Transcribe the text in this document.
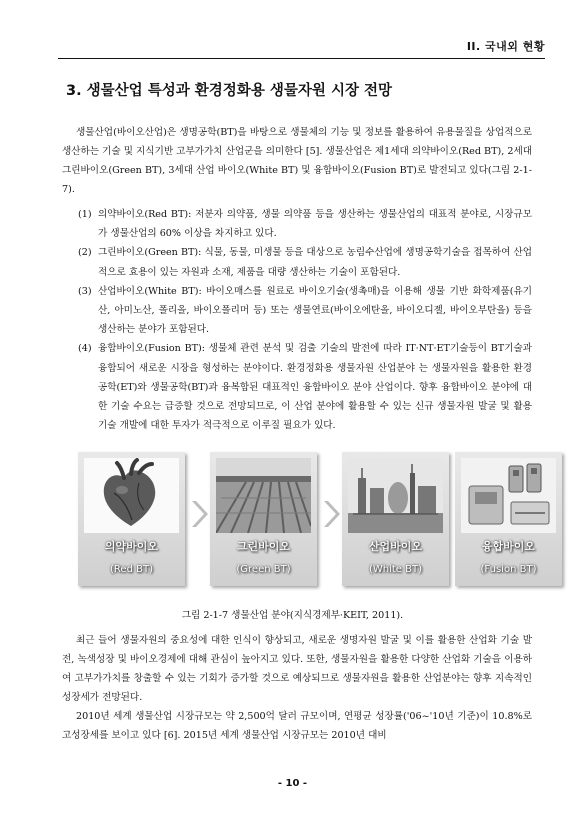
II. 국내외 현황
3. 생물산업 특성과 환경정화용 생물자원 시장 전망

생물산업(바이오산업)은 생명공학(BT)을 바탕으로 생물체의 기능 및 정보를 활용하여 유용물질을 상업적으로 생산하는 기술 및 지식기반 고부가가치 산업군을 의미한다 [5]. 생물산업은 제1세대 의약바이오(Red BT), 2세대 그린바이오(Green BT), 3세대 산업 바이오(White BT) 및 융합바이오(Fusion BT)로 발전되고 있다(그림 2-1-7).

(1) 의약바이오(Red BT): 저분자 의약품, 생물 의약품 등을 생산하는 생물산업의 대표적 분야로, 시장규모가 생물산업의 60% 이상을 차지하고 있다.
(2) 그린바이오(Green BT): 식물, 동물, 미생물 등을 대상으로 농림수산업에 생명공학기술을 접목하여 산업적으로 효용이 있는 자원과 소재, 제품을 대량 생산하는 기술이 포함된다.
(3) 산업바이오(White BT): 바이오매스를 원료로 바이오기술(생촉매)을 이용해 생물 기반 화학제품(유기산, 아미노산, 폴리올, 바이오폴리머 등) 또는 생물연료(바이오에탄올, 바이오디젤, 바이오부탄올) 등을 생산하는 분야가 포함된다.
(4) 융합바이오(Fusion BT): 생물체 관련 분석 및 검출 기술의 발전에 따라 IT·NT·ET기술등이 BT기술과 융합되어 새로운 시장을 형성하는 분야이다. 환경정화용 생물자원 산업분야 는 생물자원을 활용한 환경공학(ET)와 생물공학(BT)과 융복합된 대표적인 융합바이오 분야 산업이다. 향후 융합바이오 분야에 대한 기술 수요는 급증할 것으로 전망되므로, 이 산업 분야에 활용할 수 있는 신규 생물자원 발굴 및 활용 기술 개발에 대한 투자가 적극적으로 이루질 필요가 있다.
의약바이오
(Red BT)
그린바이오
(Green BT)
산업바이오
(White BT)
융합바이오
(Fusion BT)
그림 2-1-7 생물산업 분야(지식경제부·KEIT, 2011).

최근 들어 생물자원의 중요성에 대한 인식이 향상되고, 새로운 생명자원 발굴 및 이를 활용한 산업화 기술 발전, 녹색성장 및 바이오경제에 대해 관심이 높아지고 있다. 또한, 생물자원을 활용한 다양한 산업화 기술을 이용하여 고부가가치를 창출할 수 있는 기회가 증가할 것으로 예상되므로 생물자원을 활용한 산업분야는 향후 지속적인 성장세가 전망된다.

2010년 세계 생물산업 시장규모는 약 2,500억 달러 규모이며, 연평균 성장률('06~'10년 기준)이 10.8%로 고성장세를 보이고 있다 [6]. 2015년 세계 생물산업 시장규모는 2010년 대비

- 10 -
